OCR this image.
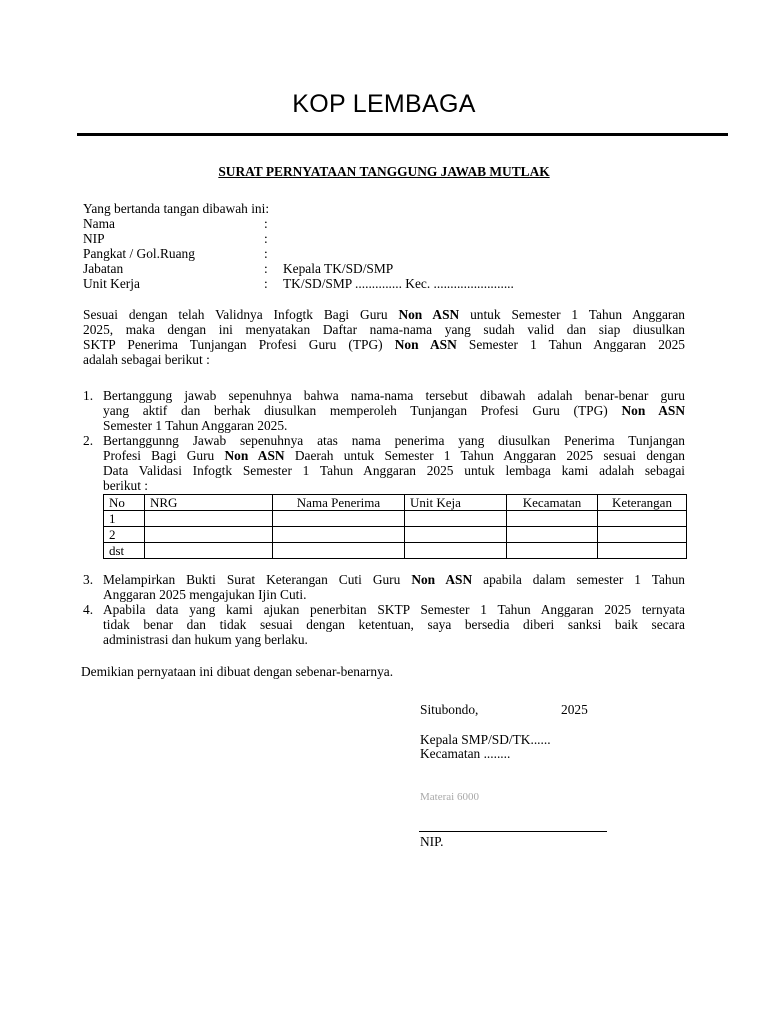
KOP LEMBAGA
SURAT PERNYATAAN TANGGUNG JAWAB MUTLAK
Yang bertanda tangan dibawah ini:
Nama	:
NIP	:
Pangkat / Gol.Ruang	:
Jabatan	: Kepala TK/SD/SMP
Unit Kerja	: TK/SD/SMP .............. Kec. ........................
Sesuai dengan telah Validnya Infogtk Bagi Guru Non ASN untuk Semester 1 Tahun Anggaran
2025, maka dengan ini menyatakan Daftar nama-nama yang sudah valid dan siap diusulkan
SKTP Penerima Tunjangan Profesi Guru (TPG) Non ASN Semester 1 Tahun Anggaran 2025
adalah sebagai berikut :
1. Bertanggung jawab sepenuhnya bahwa nama-nama tersebut dibawah adalah benar-benar guru
yang aktif dan berhak diusulkan memperoleh Tunjangan Profesi Guru (TPG) Non ASN
Semester 1 Tahun Anggaran 2025.
2. Bertanggunng Jawab sepenuhnya atas nama penerima yang diusulkan Penerima Tunjangan
Profesi Bagi Guru Non ASN Daerah untuk Semester 1 Tahun Anggaran 2025 sesuai dengan
Data Validasi Infogtk Semester 1 Tahun Anggaran 2025 untuk lembaga kami adalah sebagai
berikut :
No	NRG	Nama Penerima	Unit Keja	Kecamatan	Keterangan
1					
2					
dst					
3. Melampirkan Bukti Surat Keterangan Cuti Guru Non ASN apabila dalam semester 1 Tahun
Anggaran 2025 mengajukan Ijin Cuti.
4. Apabila data yang kami ajukan penerbitan SKTP Semester 1 Tahun Anggaran 2025 ternyata
tidak benar dan tidak sesuai dengan ketentuan, saya bersedia diberi sanksi baik secara
administrasi dan hukum yang berlaku.
Demikian pernyataan ini dibuat dengan sebenar-benarnya.
Situbondo,	2025
Kepala SMP/SD/TK......
Kecamatan ........
Materai 6000
NIP.
